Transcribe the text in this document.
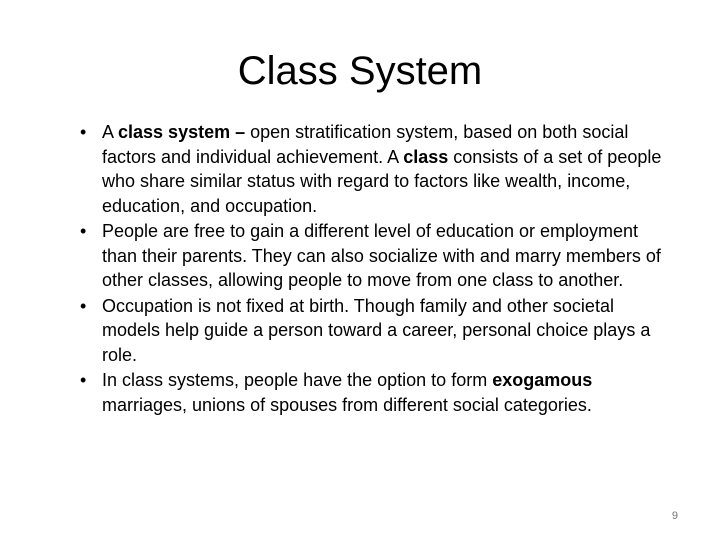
Class System
• A class system – open stratification system, based on both social factors and individual achievement. A class consists of a set of people who share similar status with regard to factors like wealth, income, education, and occupation.
• People are free to gain a different level of education or employment than their parents. They can also socialize with and marry members of other classes, allowing people to move from one class to another.
• Occupation is not fixed at birth. Though family and other societal models help guide a person toward a career, personal choice plays a role.
• In class systems, people have the option to form exogamous marriages, unions of spouses from different social categories.
9
